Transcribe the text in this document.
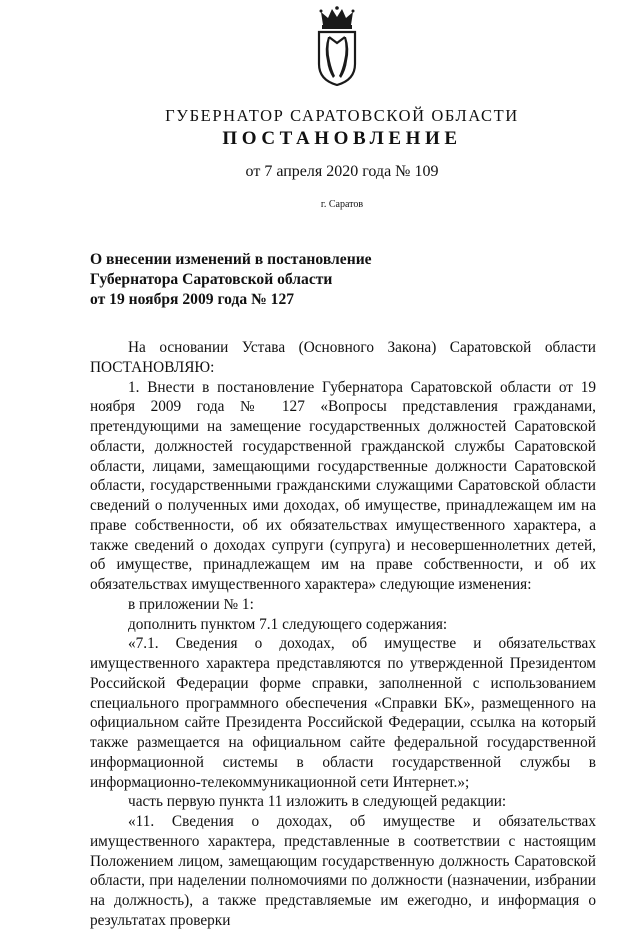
ГУБЕРНАТОР САРАТОВСКОЙ ОБЛАСТИ
ПОСТАНОВЛЕНИЕ
от 7 апреля 2020 года № 109
г. Саратов
О внесении изменений в постановление
Губернатора Саратовской области
от 19 ноября 2009 года № 127

На основании Устава (Основного Закона) Саратовской области ПОСТАНОВЛЯЮ:

1. Внести в постановление Губернатора Саратовской области от 19 ноября 2009 года № 127 «Вопросы представления гражданами, претендующими на замещение государственных должностей Саратовской области, должностей государственной гражданской службы Саратовской области, лицами, замещающими государственные должности Саратовской области, государственными гражданскими служащими Саратовской области сведений о полученных ими доходах, об имуществе, принадлежащем им на праве собственности, об их обязательствах имущественного характера, а также сведений о доходах супруги (супруга) и несовершеннолетних детей, об имуществе, принадлежащем им на праве собственности, и об их обязательствах имущественного характера» следующие изменения:

в приложении № 1:

дополнить пунктом 7.1 следующего содержания:

«7.1. Сведения о доходах, об имуществе и обязательствах имущественного характера представляются по утвержденной Президентом Российской Федерации форме справки, заполненной с использованием специального программного обеспечения «Справки БК», размещенного на официальном сайте Президента Российской Федерации, ссылка на который также размещается на официальном сайте федеральной государственной информационной системы в области государственной службы в информационно-телекоммуникационной сети Интернет.»;

часть первую пункта 11 изложить в следующей редакции:

«11. Сведения о доходах, об имуществе и обязательствах имущественного характера, представленные в соответствии с настоящим Положением лицом, замещающим государственную должность Саратовской области, при наделении полномочиями по должности (назначении, избрании на должность), а также представляемые им ежегодно, и информация о результатах проверки
